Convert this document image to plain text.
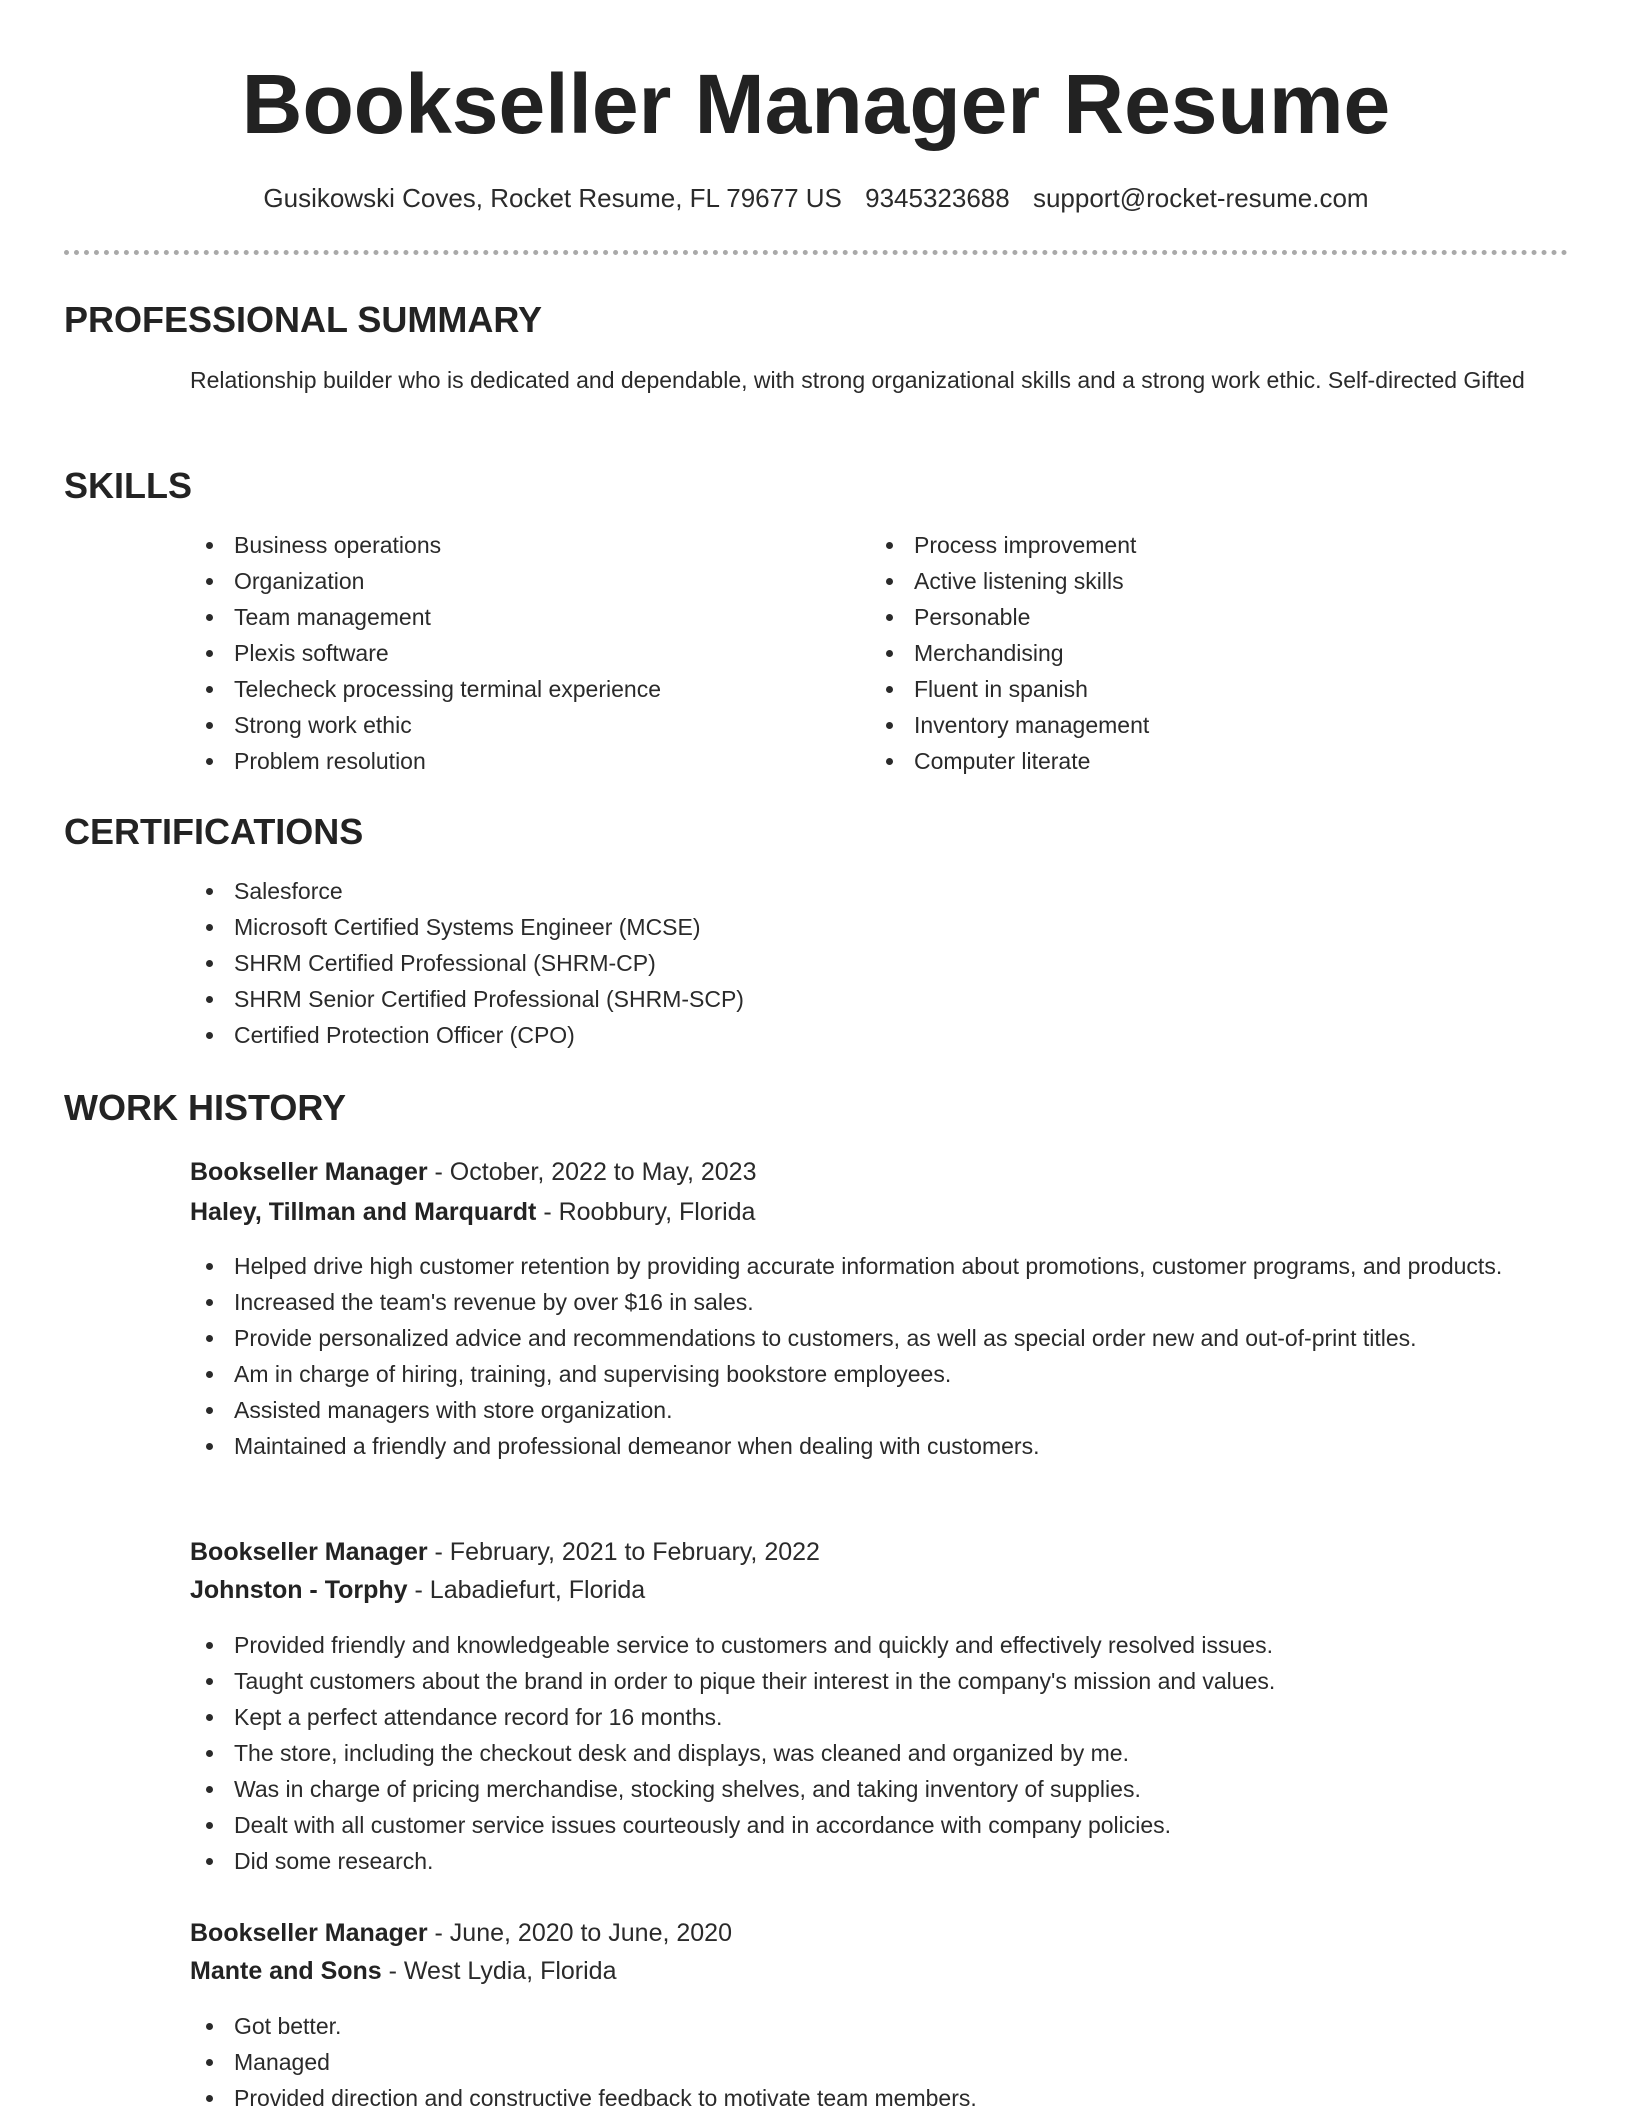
Bookseller Manager Resume
Gusikowski Coves, Rocket Resume, FL 79677 US 9345323688 support@rocket-resume.com
PROFESSIONAL SUMMARY

Relationship builder who is dedicated and dependable, with strong organizational skills and a strong work ethic. Self-directed Gifted

SKILLS
Business operations
Organization
Team management
Plexis software
Telecheck processing terminal experience
Strong work ethic
Problem resolution
Process improvement
Active listening skills
Personable
Merchandising
Fluent in spanish
Inventory management
Computer literate
CERTIFICATIONS
Salesforce
Microsoft Certified Systems Engineer (MCSE)
SHRM Certified Professional (SHRM-CP)
SHRM Senior Certified Professional (SHRM-SCP)
Certified Protection Officer (CPO)
WORK HISTORY
Bookseller Manager - October, 2022 to May, 2023
Haley, Tillman and Marquardt - Roobbury, Florida
Helped drive high customer retention by providing accurate information about promotions, customer programs, and products.
Increased the team's revenue by over $16 in sales.
Provide personalized advice and recommendations to customers, as well as special order new and out-of-print titles.
Am in charge of hiring, training, and supervising bookstore employees.
Assisted managers with store organization.
Maintained a friendly and professional demeanor when dealing with customers.
Bookseller Manager - February, 2021 to February, 2022
Johnston - Torphy - Labadiefurt, Florida
Provided friendly and knowledgeable service to customers and quickly and effectively resolved issues.
Taught customers about the brand in order to pique their interest in the company's mission and values.
Kept a perfect attendance record for 16 months.
The store, including the checkout desk and displays, was cleaned and organized by me.
Was in charge of pricing merchandise, stocking shelves, and taking inventory of supplies.
Dealt with all customer service issues courteously and in accordance with company policies.
Did some research.
Bookseller Manager - June, 2020 to June, 2020
Mante and Sons - West Lydia, Florida
Got better.
Managed
Provided direction and constructive feedback to motivate team members.
